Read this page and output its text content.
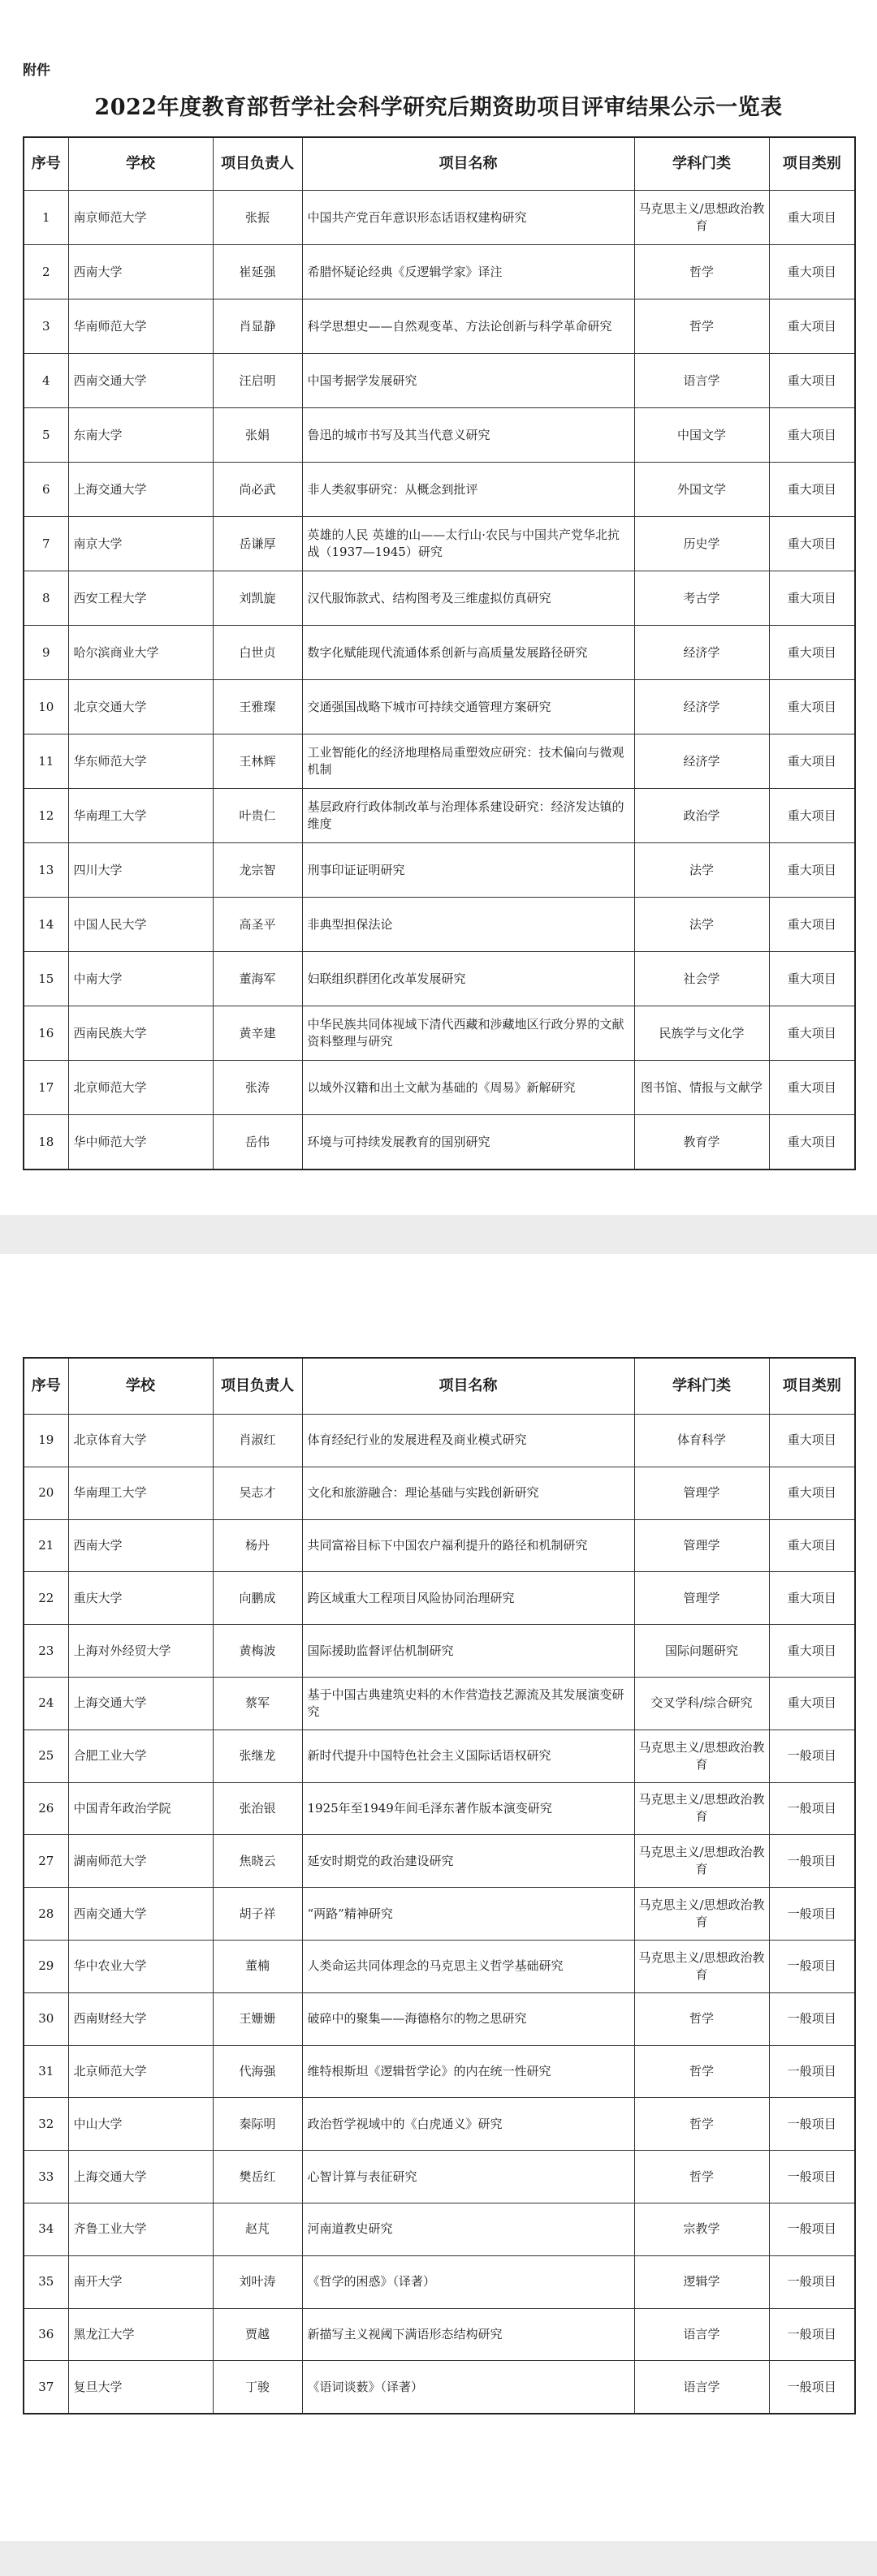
附件
2022年度教育部哲学社会科学研究后期资助项目评审结果公示一览表
序号	学校	项目负责人	项目名称	学科门类	项目类别
1	南京师范大学	张振	中国共产党百年意识形态话语权建构研究	马克思主义/思想政治教育	重大项目
2	西南大学	崔延强	希腊怀疑论经典《反逻辑学家》译注	哲学	重大项目
3	华南师范大学	肖显静	科学思想史——自然观变革、方法论创新与科学革命研究	哲学	重大项目
4	西南交通大学	汪启明	中国考据学发展研究	语言学	重大项目
5	东南大学	张娟	鲁迅的城市书写及其当代意义研究	中国文学	重大项目
6	上海交通大学	尚必武	非人类叙事研究：从概念到批评	外国文学	重大项目
7	南京大学	岳谦厚	英雄的人民 英雄的山——太行山·农民与中国共产党华北抗战（1937—1945）研究	历史学	重大项目
8	西安工程大学	刘凯旋	汉代服饰款式、结构图考及三维虚拟仿真研究	考古学	重大项目
9	哈尔滨商业大学	白世贞	数字化赋能现代流通体系创新与高质量发展路径研究	经济学	重大项目
10	北京交通大学	王雅璨	交通强国战略下城市可持续交通管理方案研究	经济学	重大项目
11	华东师范大学	王林辉	工业智能化的经济地理格局重塑效应研究：技术偏向与微观机制	经济学	重大项目
12	华南理工大学	叶贵仁	基层政府行政体制改革与治理体系建设研究：经济发达镇的维度	政治学	重大项目
13	四川大学	龙宗智	刑事印证证明研究	法学	重大项目
14	中国人民大学	高圣平	非典型担保法论	法学	重大项目
15	中南大学	董海军	妇联组织群团化改革发展研究	社会学	重大项目
16	西南民族大学	黄辛建	中华民族共同体视域下清代西藏和涉藏地区行政分界的文献资料整理与研究	民族学与文化学	重大项目
17	北京师范大学	张涛	以域外汉籍和出土文献为基础的《周易》新解研究	图书馆、情报与文献学	重大项目
18	华中师范大学	岳伟	环境与可持续发展教育的国别研究	教育学	重大项目
序号	学校	项目负责人	项目名称	学科门类	项目类别
19	北京体育大学	肖淑红	体育经纪行业的发展进程及商业模式研究	体育科学	重大项目
20	华南理工大学	吴志才	文化和旅游融合：理论基础与实践创新研究	管理学	重大项目
21	西南大学	杨丹	共同富裕目标下中国农户福利提升的路径和机制研究	管理学	重大项目
22	重庆大学	向鹏成	跨区域重大工程项目风险协同治理研究	管理学	重大项目
23	上海对外经贸大学	黄梅波	国际援助监督评估机制研究	国际问题研究	重大项目
24	上海交通大学	蔡军	基于中国古典建筑史料的木作营造技艺源流及其发展演变研究	交叉学科/综合研究	重大项目
25	合肥工业大学	张继龙	新时代提升中国特色社会主义国际话语权研究	马克思主义/思想政治教育	一般项目
26	中国青年政治学院	张治银	1925年至1949年间毛泽东著作版本演变研究	马克思主义/思想政治教育	一般项目
27	湖南师范大学	焦晓云	延安时期党的政治建设研究	马克思主义/思想政治教育	一般项目
28	西南交通大学	胡子祥	“两路”精神研究	马克思主义/思想政治教育	一般项目
29	华中农业大学	董楠	人类命运共同体理念的马克思主义哲学基础研究	马克思主义/思想政治教育	一般项目
30	西南财经大学	王姗姗	破碎中的聚集——海德格尔的物之思研究	哲学	一般项目
31	北京师范大学	代海强	维特根斯坦《逻辑哲学论》的内在统一性研究	哲学	一般项目
32	中山大学	秦际明	政治哲学视域中的《白虎通义》研究	哲学	一般项目
33	上海交通大学	樊岳红	心智计算与表征研究	哲学	一般项目
34	齐鲁工业大学	赵芃	河南道教史研究	宗教学	一般项目
35	南开大学	刘叶涛	《哲学的困惑》（译著）	逻辑学	一般项目
36	黑龙江大学	贾越	新描写主义视阈下满语形态结构研究	语言学	一般项目
37	复旦大学	丁骏	《语词谈薮》（译著）	语言学	一般项目
